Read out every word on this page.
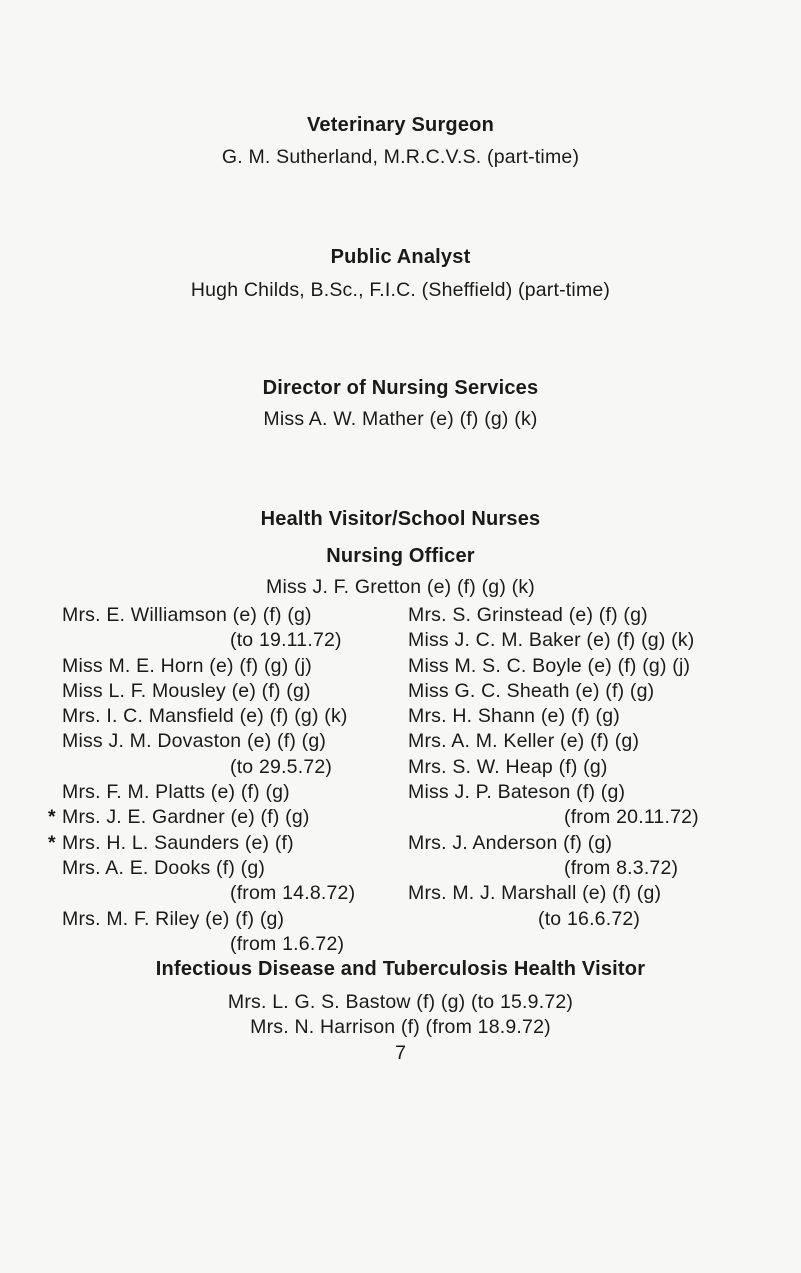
Veterinary Surgeon
G. M. Sutherland, M.R.C.V.S. (part-time)
Public Analyst
Hugh Childs, B.Sc., F.I.C. (Sheffield) (part-time)
Director of Nursing Services
Miss A. W. Mather (e) (f) (g) (k)
Health Visitor/School Nurses
Nursing Officer
Miss J. F. Gretton (e) (f) (g) (k)
Mrs. E. Williamson (e) (f) (g)
(to 19.11.72)
Miss M. E. Horn (e) (f) (g) (j)
Miss L. F. Mousley (e) (f) (g)
Mrs. I. C. Mansfield (e) (f) (g) (k)
Miss J. M. Dovaston (e) (f) (g)
(to 29.5.72)
Mrs. F. M. Platts (e) (f) (g)
* Mrs. J. E. Gardner (e) (f) (g)
* Mrs. H. L. Saunders (e) (f)
Mrs. A. E. Dooks (f) (g)
(from 14.8.72)
Mrs. M. F. Riley (e) (f) (g)
(from 1.6.72)
Mrs. S. Grinstead (e) (f) (g)
Miss J. C. M. Baker (e) (f) (g) (k)
Miss M. S. C. Boyle (e) (f) (g) (j)
Miss G. C. Sheath (e) (f) (g)
Mrs. H. Shann (e) (f) (g)
Mrs. A. M. Keller (e) (f) (g)
Mrs. S. W. Heap (f) (g)
Miss J. P. Bateson (f) (g)
(from 20.11.72)
Mrs. J. Anderson (f) (g)
(from 8.3.72)
Mrs. M. J. Marshall (e) (f) (g)
(to 16.6.72)
Infectious Disease and Tuberculosis Health Visitor
Mrs. L. G. S. Bastow (f) (g) (to 15.9.72)
Mrs. N. Harrison (f) (from 18.9.72)
7
